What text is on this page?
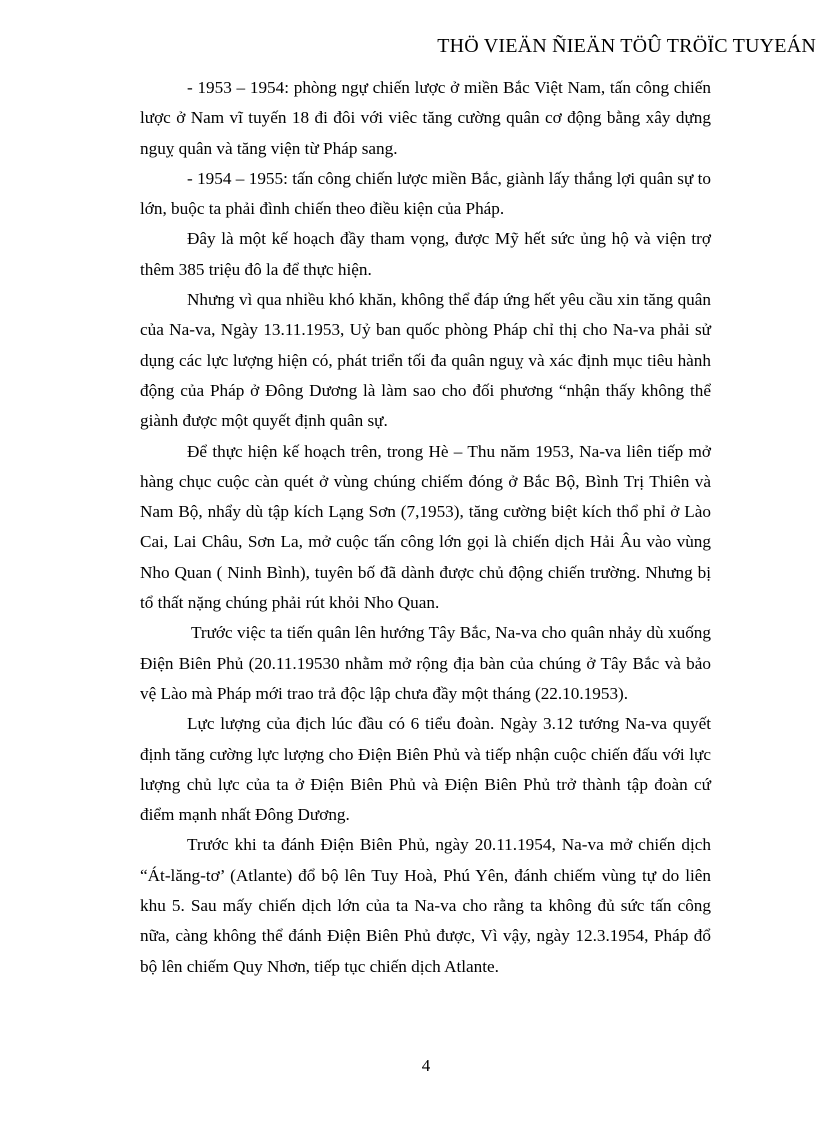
THÖ VIEÄN ÑIEÄN TÖÛ TRÖÏC TUYEÁN

- 1953 – 1954: phòng ngự chiến lược ở miền Bắc Việt Nam, tấn công chiến lược ở Nam vĩ tuyến 18 đi đôi với viêc tăng cường quân cơ động bằng xây dựng nguỵ quân và tăng viện từ Pháp sang.

- 1954 – 1955: tấn công chiến lược miền Bắc, giành lấy thắng lợi quân sự to lớn, buộc ta phải đình chiến theo điều kiện của Pháp.

Đây là một kế hoạch đầy tham vọng, được Mỹ hết sức ủng hộ và viện trợ thêm 385 triệu đô la để thực hiện.

Nhưng vì qua nhiều khó khăn, không thể đáp ứng hết yêu cầu xin tăng quân của Na-va, Ngày 13.11.1953, Uỷ ban quốc phòng Pháp chỉ thị cho Na-va phải sử dụng các lực lượng hiện có, phát triển tối đa quân nguỵ và xác định mục tiêu hành động của Pháp ở Đông Dương là làm sao cho đối phương “nhận thấy không thể giành được một quyết định quân sự.

Để thực hiện kế hoạch trên, trong Hè – Thu năm 1953, Na-va liên tiếp mở hàng chục cuộc càn quét ở vùng chúng chiếm đóng ở Bắc Bộ, Bình Trị Thiên và Nam Bộ, nhẩy dù tập kích Lạng Sơn (7,1953), tăng cường biệt kích thổ phỉ ở Lào Cai, Lai Châu, Sơn La, mở cuộc tấn công lớn gọi là chiến dịch Hải Âu vào vùng Nho Quan ( Ninh Bình), tuyên bố đã dành được chủ động chiến trường. Nhưng bị tổ thất nặng chúng phải rút khỏi Nho Quan.

Trước việc ta tiến quân lên hướng Tây Bắc, Na-va cho quân nhảy dù xuống Điện Biên Phủ (20.11.19530 nhằm mở rộng địa bàn của chúng ở Tây Bắc và bảo vệ Lào mà Pháp mới trao trả độc lập chưa đầy một tháng (22.10.1953).

Lực lượng của địch lúc đầu có 6 tiểu đoàn. Ngày 3.12 tướng Na-va quyết định tăng cường lực lượng cho Điện Biên Phủ và tiếp nhận cuộc chiến đấu với lực lượng chủ lực của ta ở Điện Biên Phủ và Điện Biên Phủ trở thành tập đoàn cứ điểm mạnh nhất Đông Dương.

Trước khi ta đánh Điện Biên Phủ, ngày 20.11.1954, Na-va mở chiến dịch “Át-lăng-tơ’ (Atlante) đổ bộ lên Tuy Hoà, Phú Yên, đánh chiếm vùng tự do liên khu 5. Sau mấy chiến dịch lớn của ta Na-va cho rằng ta không đủ sức tấn công nữa, càng không thể đánh Điện Biên Phủ được, Vì vậy, ngày 12.3.1954, Pháp đổ bộ lên chiếm Quy Nhơn, tiếp tục chiến dịch Atlante.

4
